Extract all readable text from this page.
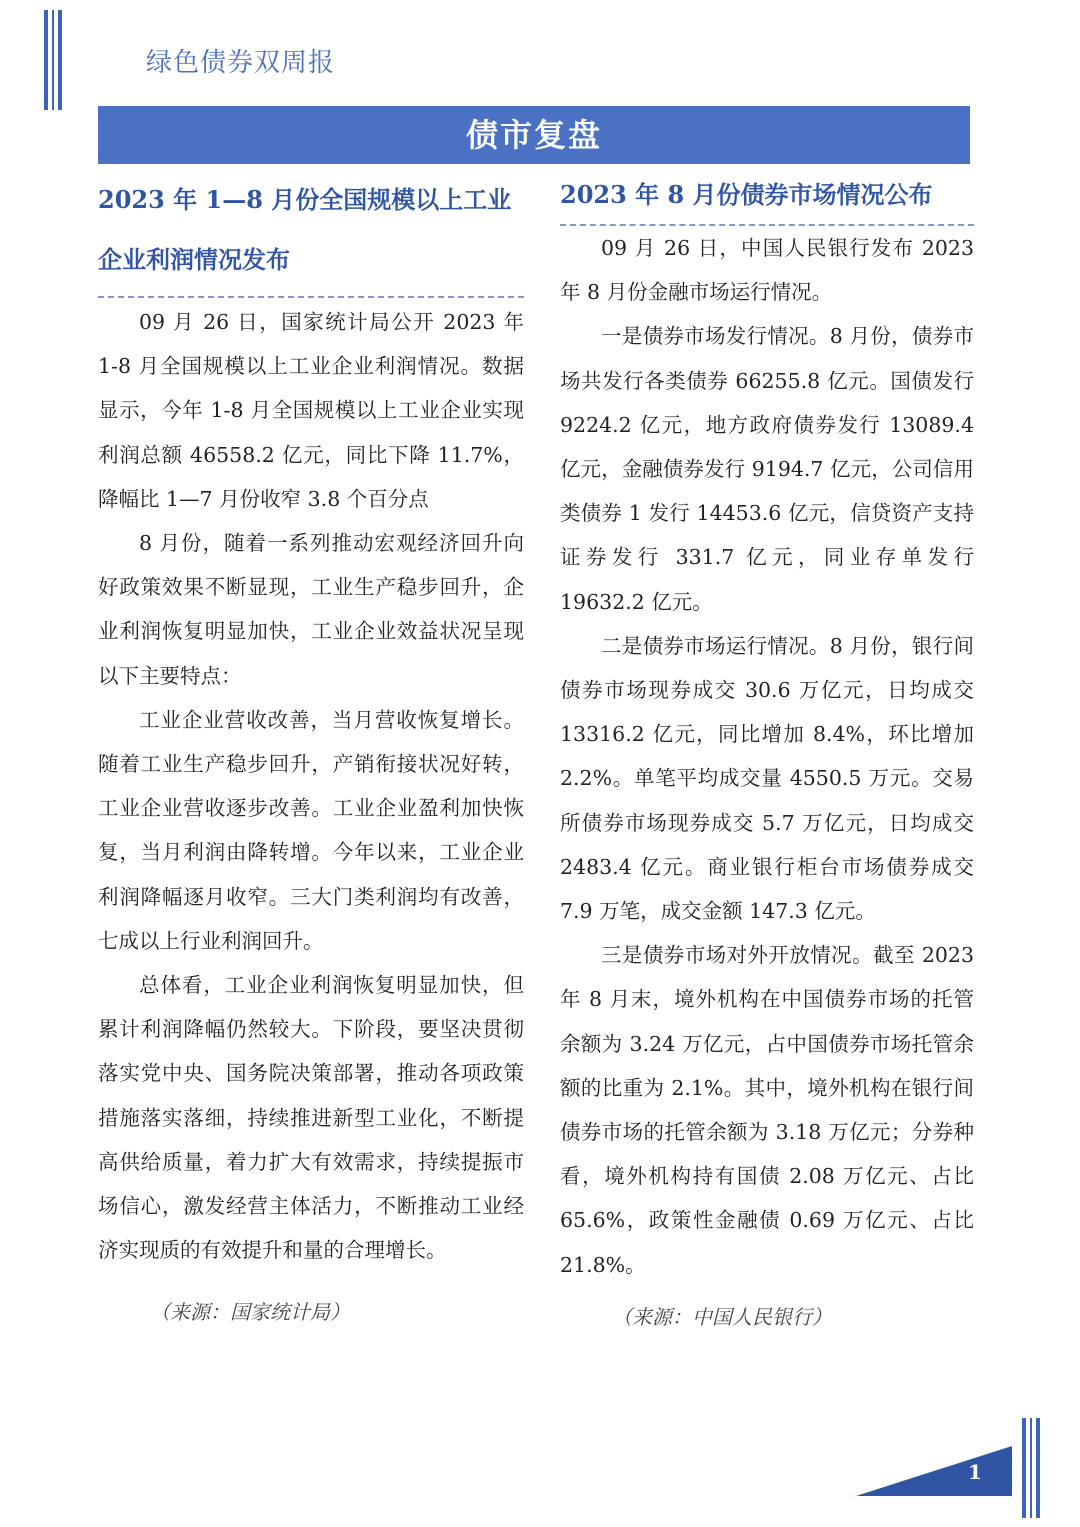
绿色债券双周报
债市复盘
2023 年 1—8 月份全国规模以上工业
企业利润情况发布

09 月 26 日，国家统计局公开 2023 年 1-8 月全国规模以上工业企业利润情况。数据显示，今年 1-8 月全国规模以上工业企业实现利润总额 46558.2 亿元，同比下降 11.7%，降幅比 1—7 月份收窄 3.8 个百分点

8 月份，随着一系列推动宏观经济回升向好政策效果不断显现，工业生产稳步回升，企业利润恢复明显加快，工业企业效益状况呈现以下主要特点：

工业企业营收改善，当月营收恢复增长。随着工业生产稳步回升，产销衔接状况好转，工业企业营收逐步改善。工业企业盈利加快恢复，当月利润由降转增。今年以来，工业企业利润降幅逐月收窄。三大门类利润均有改善，七成以上行业利润回升。

总体看，工业企业利润恢复明显加快，但累计利润降幅仍然较大。下阶段，要坚决贯彻落实党中央、国务院决策部署，推动各项政策措施落实落细，持续推进新型工业化，不断提高供给质量，着力扩大有效需求，持续提振市场信心，激发经营主体活力，不断推动工业经济实现质的有效提升和量的合理增长。

（来源：国家统计局）

2023 年 8 月份债券市场情况公布

09 月 26 日，中国人民银行发布 2023 年 8 月份金融市场运行情况。

一是债券市场发行情况。8 月份，债券市场共发行各类债券 66255.8 亿元。国债发行 9224.2 亿元，地方政府债券发行 13089.4 亿元，金融债券发行 9194.7 亿元，公司信用类债券 1 发行 14453.6 亿元，信贷资产支持证券发行 331.7 亿元，同业存单发行 19632.2 亿元。

二是债券市场运行情况。8 月份，银行间债券市场现券成交 30.6 万亿元，日均成交 13316.2 亿元，同比增加 8.4%，环比增加 2.2%。单笔平均成交量 4550.5 万元。交易所债券市场现券成交 5.7 万亿元，日均成交 2483.4 亿元。商业银行柜台市场债券成交 7.9 万笔，成交金额 147.3 亿元。

三是债券市场对外开放情况。截至 2023 年 8 月末，境外机构在中国债券市场的托管余额为 3.24 万亿元，占中国债券市场托管余额的比重为 2.1%。其中，境外机构在银行间债券市场的托管余额为 3.18 万亿元；分券种看，境外机构持有国债 2.08 万亿元、占比 65.6%，政策性金融债 0.69 万亿元、占比 21.8%。

（来源：中国人民银行）

1
